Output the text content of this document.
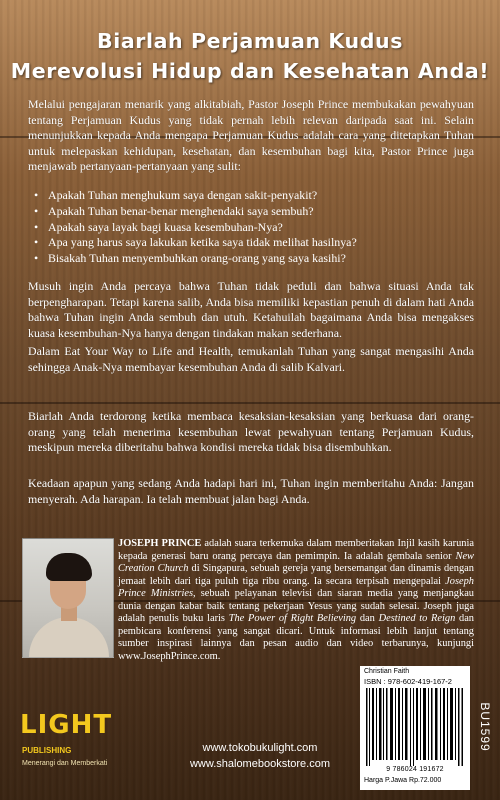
Biarlah Perjamuan Kudus
Merevolusi Hidup dan Kesehatan Anda!
Melalui pengajaran menarik yang alkitabiah, Pastor Joseph Prince membukakan pewahyuan tentang Perjamuan Kudus yang tidak pernah lebih relevan daripada saat ini. Selain menunjukkan kepada Anda mengapa Perjamuan Kudus adalah cara yang ditetapkan Tuhan untuk melepaskan kehidupan, kesehatan, dan kesembuhan bagi kita, Pastor Prince juga menjawab pertanyaan-pertanyaan yang sulit:
• Apakah Tuhan menghukum saya dengan sakit-penyakit?
• Apakah Tuhan benar-benar menghendaki saya sembuh?
• Apakah saya layak bagi kuasa kesembuhan-Nya?
• Apa yang harus saya lakukan ketika saya tidak melihat hasilnya?
• Bisakah Tuhan menyembuhkan orang-orang yang saya kasihi?
Musuh ingin Anda percaya bahwa Tuhan tidak peduli dan bahwa situasi Anda tak berpengharapan. Tetapi karena salib, Anda bisa memiliki kepastian penuh di dalam hati Anda bahwa Tuhan ingin Anda sembuh dan utuh. Ketahuilah bagaimana Anda bisa mengakses kuasa kesembuhan-Nya hanya dengan tindakan makan sederhana.
Dalam Eat Your Way to Life and Health, temukanlah Tuhan yang sangat mengasihi Anda sehingga Anak-Nya membayar kesembuhan Anda di salib Kalvari.
Biarlah Anda terdorong ketika membaca kesaksian-kesaksian yang berkuasa dari orang-orang yang telah menerima kesembuhan lewat pewahyuan tentang Perjamuan Kudus, meskipun mereka diberitahu bahwa kondisi mereka tidak bisa disembuhkan.
Keadaan apapun yang sedang Anda hadapi hari ini, Tuhan ingin memberitahu Anda: Jangan menyerah. Ada harapan. Ia telah membuat jalan bagi Anda.
JOSEPH PRINCE adalah suara terkemuka dalam memberitakan Injil kasih karunia kepada generasi baru orang percaya dan pemimpin. Ia adalah gembala senior New Creation Church di Singapura, sebuah gereja yang bersemangat dan dinamis dengan jemaat lebih dari tiga puluh tiga ribu orang. Ia secara terpisah mengepalai Joseph Prince Ministries, sebuah pelayanan televisi dan siaran media yang menjangkau dunia dengan kabar baik tentang pekerjaan Yesus yang sudah selesai. Joseph juga adalah penulis buku laris The Power of Right Believing dan Destined to Reign dan pembicara konferensi yang sangat dicari. Untuk informasi lebih lanjut tentang sumber inspirasi lainnya dan pesan audio dan video terbarunya, kunjungi www.JosephPrince.com.
LIGHT
PUBLISHING
Menerangi dan Memberkati
www.tokobukulight.com
www.shalomebookstore.com
Christian Faith
ISBN : 978-602-419-167-2
9 786024 191672
Harga P.Jawa Rp.72.000
BU1599
